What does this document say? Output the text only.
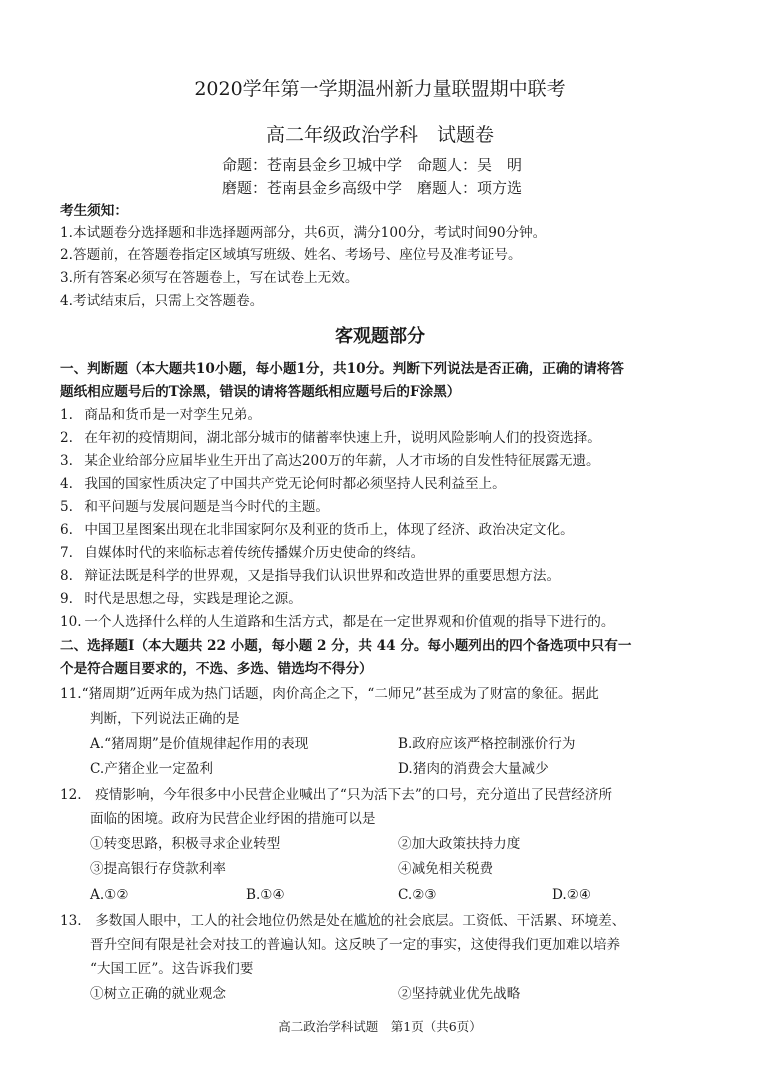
2020学年第一学期温州新力量联盟期中联考
高二年级政治学科　试题卷
命题：苍南县金乡卫城中学　命题人：吴　明
磨题：苍南县金乡高级中学　磨题人：项方选
考生须知：
1.本试题卷分选择题和非选择题两部分，共6页，满分100分，考试时间90分钟。
2.答题前，在答题卷指定区域填写班级、姓名、考场号、座位号及准考证号。
3.所有答案必须写在答题卷上，写在试卷上无效。
4.考试结束后，只需上交答题卷。
客观题部分
一、判断题（本大题共10小题，每小题1分，共10分。判断下列说法是否正确，正确的请将答
题纸相应题号后的T涂黑，错误的请将答题纸相应题号后的F涂黑）
1. 商品和货币是一对孪生兄弟。
2. 在年初的疫情期间，湖北部分城市的储蓄率快速上升，说明风险影响人们的投资选择。
3. 某企业给部分应届毕业生开出了高达200万的年薪，人才市场的自发性特征展露无遗。
4. 我国的国家性质决定了中国共产党无论何时都必须坚持人民利益至上。
5. 和平问题与发展问题是当今时代的主题。
6. 中国卫星图案出现在北非国家阿尔及利亚的货币上，体现了经济、政治决定文化。
7. 自媒体时代的来临标志着传统传播媒介历史使命的终结。
8. 辩证法既是科学的世界观，又是指导我们认识世界和改造世界的重要思想方法。
9. 时代是思想之母，实践是理论之源。
10. 一个人选择什么样的人生道路和生活方式，都是在一定世界观和价值观的指导下进行的。
二、选择题Ⅰ（本大题共 22 小题，每小题 2 分，共 44 分。每小题列出的四个备选项中只有一
个是符合题目要求的，不选、多选、错选均不得分）
11.“猪周期”近两年成为热门话题，肉价高企之下，“二师兄”甚至成为了财富的象征。据此
判断，下列说法正确的是
A.“猪周期”是价值规律起作用的表现	B.政府应该严格控制涨价行为
C.产猪企业一定盈利	D.猪肉的消费会大量减少
12.　疫情影响，今年很多中小民营企业喊出了“只为活下去”的口号，充分道出了民营经济所
面临的困境。政府为民营企业纾困的措施可以是
①转变思路，积极寻求企业转型	②加大政策扶持力度
③提高银行存贷款利率	④减免相关税费
A.①②	B.①④	C.②③	D.②④
13.　多数国人眼中，工人的社会地位仍然是处在尴尬的社会底层。工资低、干活累、环境差、
晋升空间有限是社会对技工的普遍认知。这反映了一定的事实，这使得我们更加难以培养
“大国工匠”。这告诉我们要
①树立正确的就业观念	②坚持就业优先战略
高二政治学科试题　第1页（共6页）
